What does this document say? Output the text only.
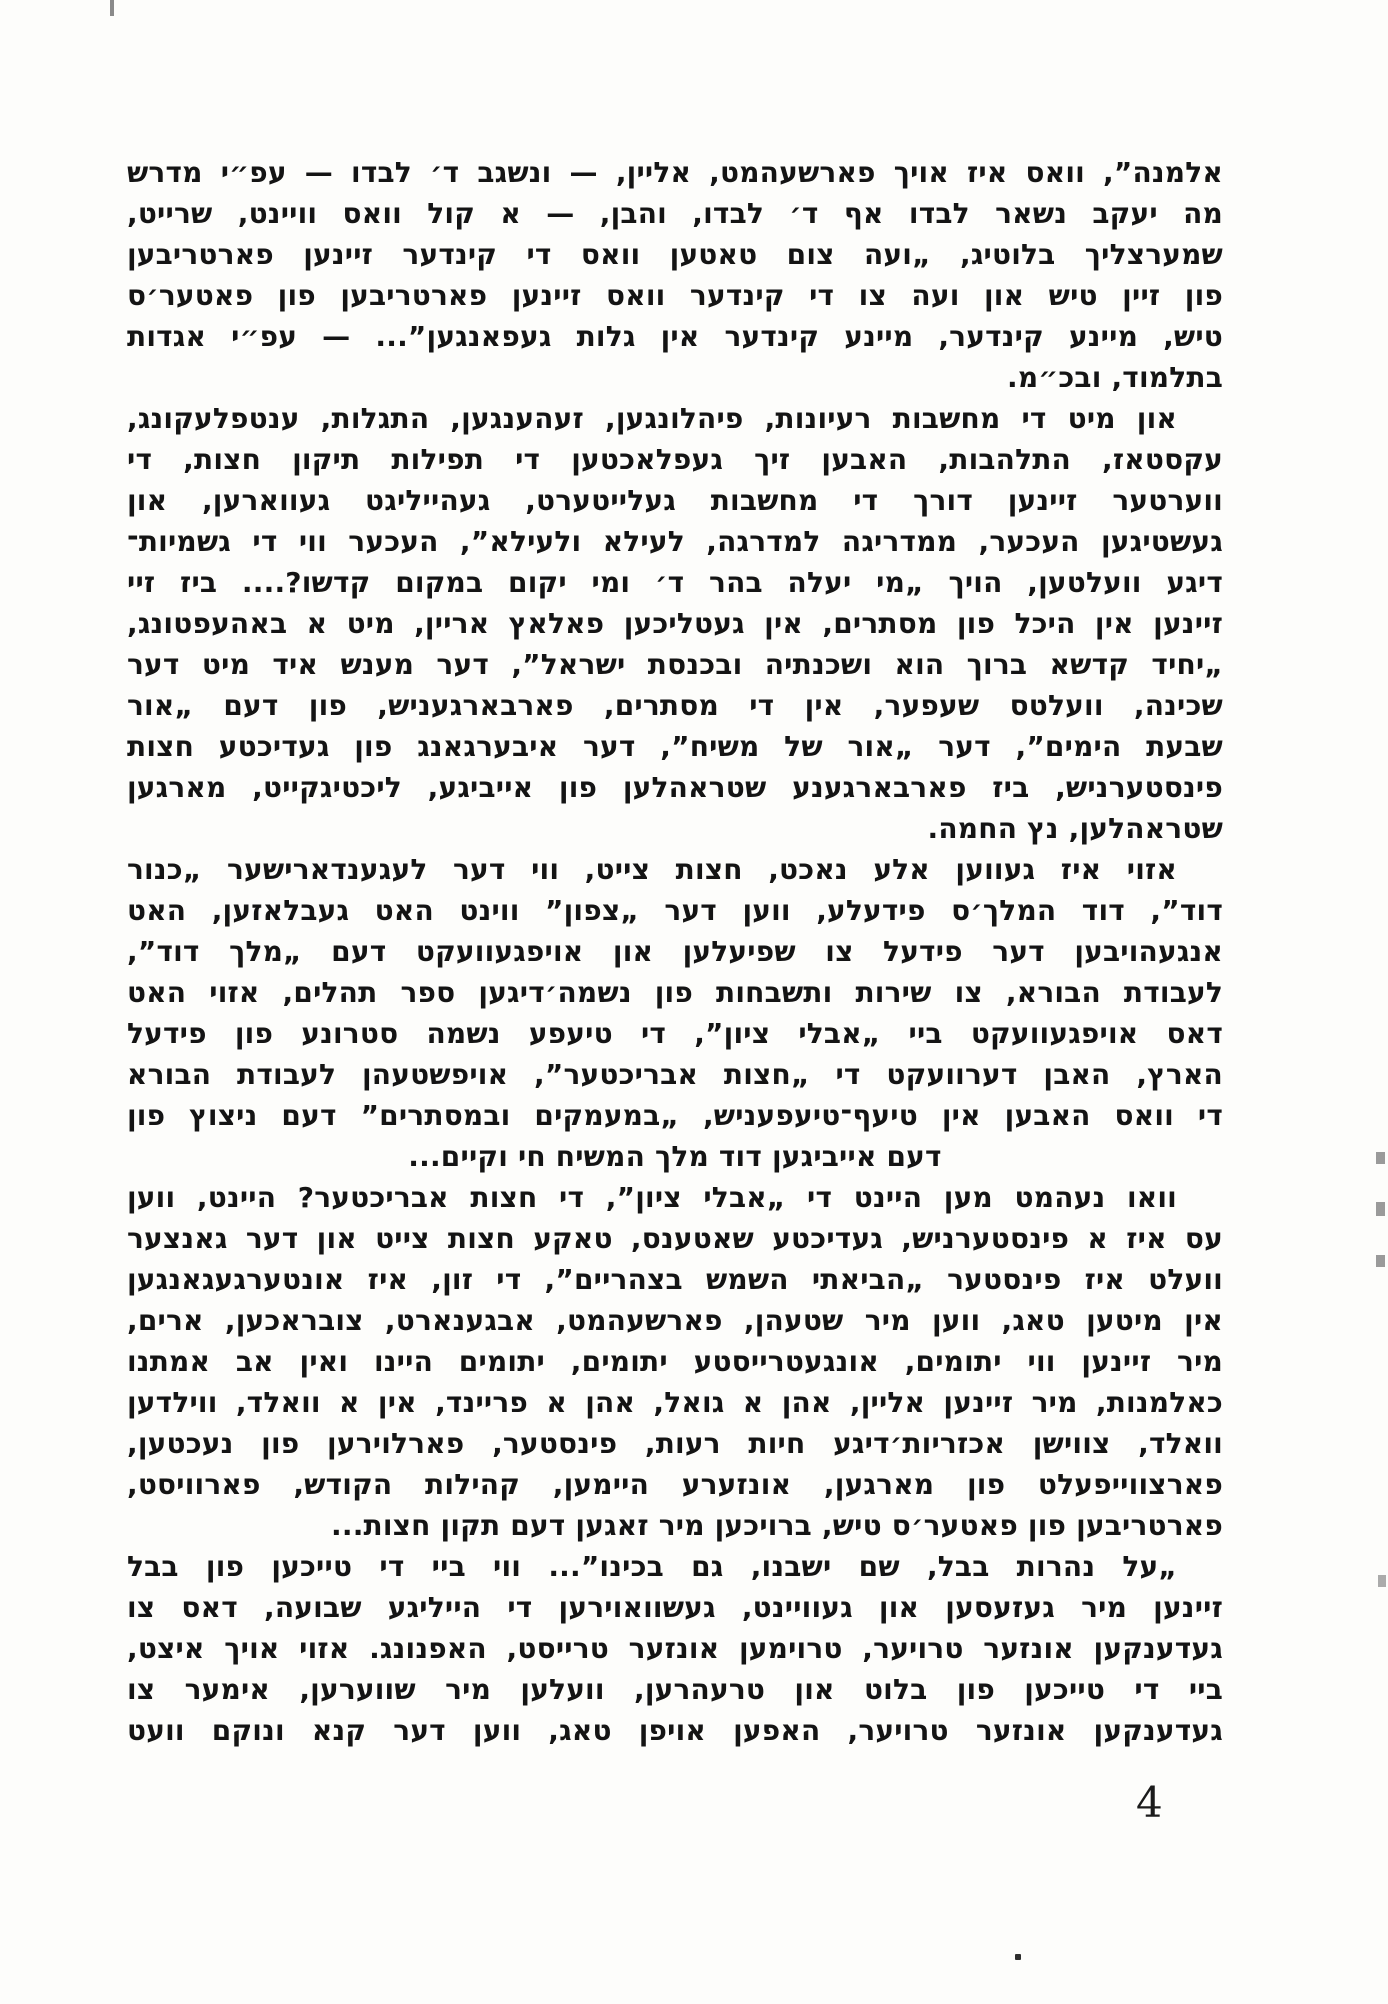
אלמנה”, וואס איז אויך פארשעהמט, אליין, — ונשגב ד׳ לבדו — עפ״י מדרש
מה יעקב נשאר לבדו אף ד׳ לבדו, והבן, — א קול וואס וויינט, שרייט,
שמערצליך בלוטיג, „ועה צום טאטען וואס די קינדער זיינען פארטריבען
פון זיין טיש און ועה צו די קינדער וואס זיינען פארטריבען פון פאטער׳ס
טיש, מיינע קינדער, מיינע קינדער אין גלות געפאנגען”... — עפ״י אגדות
בתלמוד, ובכ״מ.
און מיט די מחשבות רעיונות, פיהלונגען, זעהענגען, התגלות, ענטפלעקונג,
עקסטאז, התלהבות, האבען זיך געפלאכטען די תפילות תיקון חצות, די
ווערטער זיינען דורך די מחשבות געלייטערט, געהייליגט געווארען, און
געשטיגען העכער, ממדריגה למדרגה, לעילא ולעילא”, העכער ווי די גשמיות־
דיגע וועלטען, הויך „מי יעלה בהר ד׳ ומי יקום במקום קדשו?.... ביז זיי
זיינען אין היכל פון מסתרים, אין געטליכען פאלאץ אריין, מיט א באהעפטונג,
„יחיד קדשא ברוך הוא ושכנתיה ובכנסת ישראל”, דער מענש איד מיט דער
שכינה, וועלטס שעפער, אין די מסתרים, פארבארגעניש, פון דעם „אור
שבעת הימים”, דער „אור של משיח”, דער איבערגאנג פון געדיכטע חצות
פינסטערניש, ביז פארבארגענע שטראהלען פון אייביגע, ליכטיגקייט, מארגען
שטראהלען, נץ החמה.
אזוי איז געווען אלע נאכט, חצות צייט, ווי דער לעגענדארישער „כנור
דוד”, דוד המלך׳ס פידעלע, ווען דער „צפון” ווינט האט געבלאזען, האט
אנגעהויבען דער פידעל צו שפיעלען און אויפגעוועקט דעם „מלך דוד”,
לעבודת הבורא, צו שירות ותשבחות פון נשמה׳דיגען ספר תהלים, אזוי האט
דאס אויפגעוועקט ביי „אבלי ציון”, די טיעפע נשמה סטרונע פון פידעל
הארץ, האבן דערוועקט די „חצות אבריכטער”, אויפשטעהן לעבודת הבורא
די וואס האבען אין טיעף־טיעפעניש, „במעמקים ובמסתרים” דעם ניצוץ פון
דעם אייביגען דוד מלך המשיח חי וקיים...
וואו נעהמט מען היינט די „אבלי ציון”, די חצות אבריכטער? היינט, ווען
עס איז א פינסטערניש, געדיכטע שאטענס, טאקע חצות צייט און דער גאנצער
וועלט איז פינסטער „הביאתי השמש בצהריים”, די זון, איז אונטערגעגאנגען
אין מיטען טאג, ווען מיר שטעהן, פארשעהמט, אבגענארט, צובראכען, ארים,
מיר זיינען ווי יתומים, אונגעטרייסטע יתומים, יתומים היינו ואין אב אמתנו
כאלמנות, מיר זיינען אליין, אהן א גואל, אהן א פריינד, אין א וואלד, ווילדען
וואלד, צווישן אכזריות׳דיגע חיות רעות, פינסטער, פארלוירען פון נעכטען,
פארצווייפעלט פון מארגען, אונזערע היימען, קהילות הקודש, פארוויסט,
פארטריבען פון פאטער׳ס טיש, ברויכען מיר זאגען דעם תקון חצות...
„על נהרות בבל, שם ישבנו, גם בכינו”... ווי ביי די טייכען פון בבל
זיינען מיר געזעסען און געוויינט, געשוואוירען די הייליגע שבועה, דאס צו
געדענקען אונזער טרויער, טרוימען אונזער טרייסט, האפנונג. אזוי אויך איצט,
ביי די טייכען פון בלוט און טרעהרען, וועלען מיר שווערען, אימער צו
געדענקען אונזער טרויער, האפען אויפן טאג, ווען דער קנא ונוקם וועט
4
